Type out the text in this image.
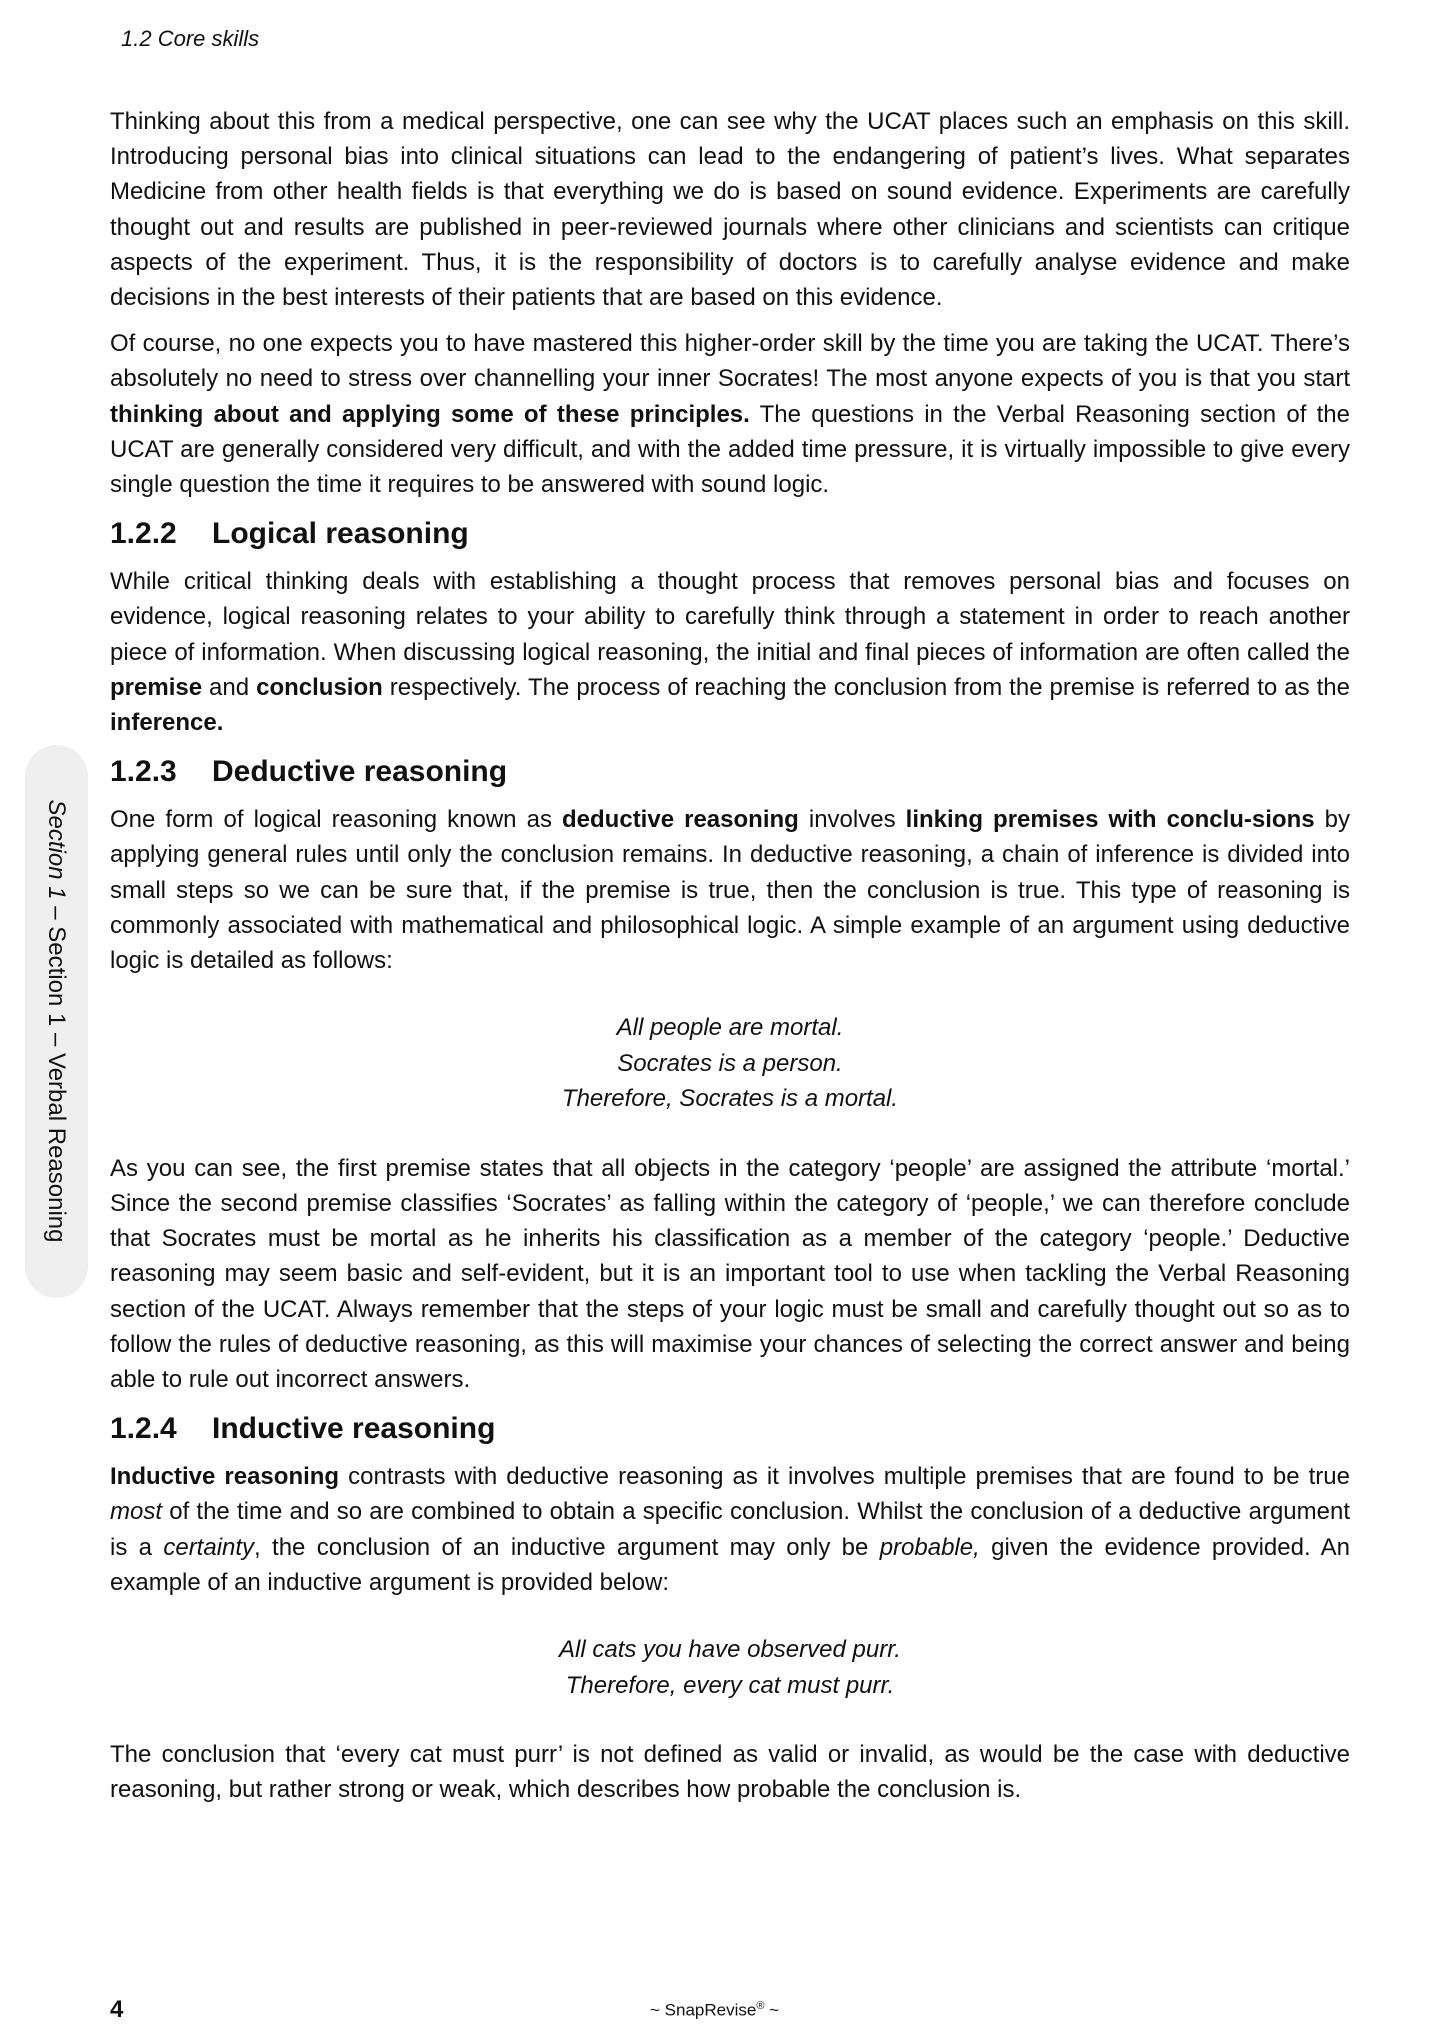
1.2 Core skills
Section 1 – Section 1 – Verbal Reasoning

Thinking about this from a medical perspective, one can see why the UCAT places such an emphasis on this skill. Introducing personal bias into clinical situations can lead to the endangering of patient’s lives. What separates Medicine from other health fields is that everything we do is based on sound evidence. Experiments are carefully thought out and results are published in peer-reviewed journals where other clinicians and scientists can critique aspects of the experiment. Thus, it is the responsibility of doctors is to carefully analyse evidence and make decisions in the best interests of their patients that are based on this evidence.

Of course, no one expects you to have mastered this higher-order skill by the time you are taking the UCAT. There’s absolutely no need to stress over channelling your inner Socrates! The most anyone expects of you is that you start thinking about and applying some of these principles. The questions in the Verbal Reasoning section of the UCAT are generally considered very difficult, and with the added time pressure, it is virtually impossible to give every single question the time it requires to be answered with sound logic.

1.2.2 Logical reasoning

While critical thinking deals with establishing a thought process that removes personal bias and focuses on evidence, logical reasoning relates to your ability to carefully think through a statement in order to reach another piece of information. When discussing logical reasoning, the initial and final pieces of information are often called the premise and conclusion respectively. The process of reaching the conclusion from the premise is referred to as the inference.

1.2.3 Deductive reasoning

One form of logical reasoning known as deductive reasoning involves linking premises with conclu-sions by applying general rules until only the conclusion remains. In deductive reasoning, a chain of inference is divided into small steps so we can be sure that, if the premise is true, then the conclusion is true. This type of reasoning is commonly associated with mathematical and philosophical logic. A simple example of an argument using deductive logic is detailed as follows:

All people are mortal.
Socrates is a person.
Therefore, Socrates is a mortal.

As you can see, the first premise states that all objects in the category ‘people’ are assigned the attribute ‘mortal.’ Since the second premise classifies ‘Socrates’ as falling within the category of ‘people,’ we can therefore conclude that Socrates must be mortal as he inherits his classification as a member of the category ‘people.’ Deductive reasoning may seem basic and self-evident, but it is an important tool to use when tackling the Verbal Reasoning section of the UCAT. Always remember that the steps of your logic must be small and carefully thought out so as to follow the rules of deductive reasoning, as this will maximise your chances of selecting the correct answer and being able to rule out incorrect answers.

1.2.4 Inductive reasoning

Inductive reasoning contrasts with deductive reasoning as it involves multiple premises that are found to be true most of the time and so are combined to obtain a specific conclusion. Whilst the conclusion of a deductive argument is a certainty, the conclusion of an inductive argument may only be probable, given the evidence provided. An example of an inductive argument is provided below:

All cats you have observed purr.
Therefore, every cat must purr.

The conclusion that ‘every cat must purr’ is not defined as valid or invalid, as would be the case with deductive reasoning, but rather strong or weak, which describes how probable the conclusion is.

4	~ SnapRevise® ~
